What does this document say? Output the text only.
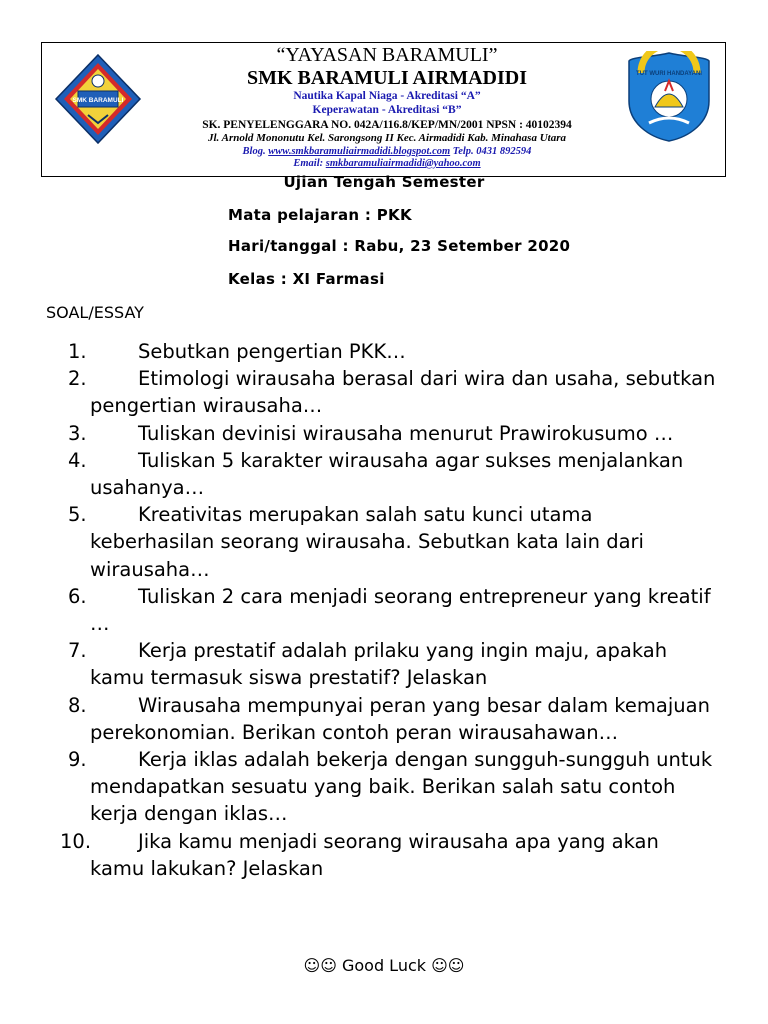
SMK BARAMULI
“YAYASAN BARAMULI”
SMK BARAMULI AIRMADIDI
Nautika Kapal Niaga - Akreditasi “A”
Keperawatan - Akreditasi “B”
SK. PENYELENGGARA NO. 042A/116.8/KEP/MN/2001 NPSN : 40102394
Jl. Arnold Mononutu Kel. Sarongsong II Kec. Airmadidi Kab. Minahasa Utara
Blog. www.smkbaramuliairmadidi.blogspot.com Telp. 0431 892594
Email: smkbaramuliairmadidi@yahoo.com
TUT WURI HANDAYANI
Ujian Tengah Semester
Mata pelajaran : PKK
Hari/tanggal : Rabu, 23 Setember 2020
Kelas : XI Farmasi
SOAL/ESSAY
1.	Sebutkan pengertian PKK…
2.	Etimologi wirausaha berasal dari wira dan usaha, sebutkan pengertian wirausaha…
3.	Tuliskan devinisi wirausaha menurut Prawirokusumo …
4.	Tuliskan 5 karakter wirausaha agar sukses menjalankan usahanya…
5.	Kreativitas merupakan salah satu kunci utama keberhasilan seorang wirausaha. Sebutkan kata lain dari wirausaha…
6.	Tuliskan 2 cara menjadi seorang entrepreneur yang kreatif …
7.	Kerja prestatif adalah prilaku yang ingin maju, apakah kamu termasuk siswa prestatif? Jelaskan
8.	Wirausaha mempunyai peran yang besar dalam kemajuan perekonomian. Berikan contoh peran wirausahawan…
9.	Kerja iklas adalah bekerja dengan sungguh-sungguh untuk mendapatkan sesuatu yang baik. Berikan salah satu contoh kerja dengan iklas…
10.	Jika kamu menjadi seorang wirausaha apa yang akan kamu lakukan? Jelaskan
☺☺ Good Luck ☺☺
